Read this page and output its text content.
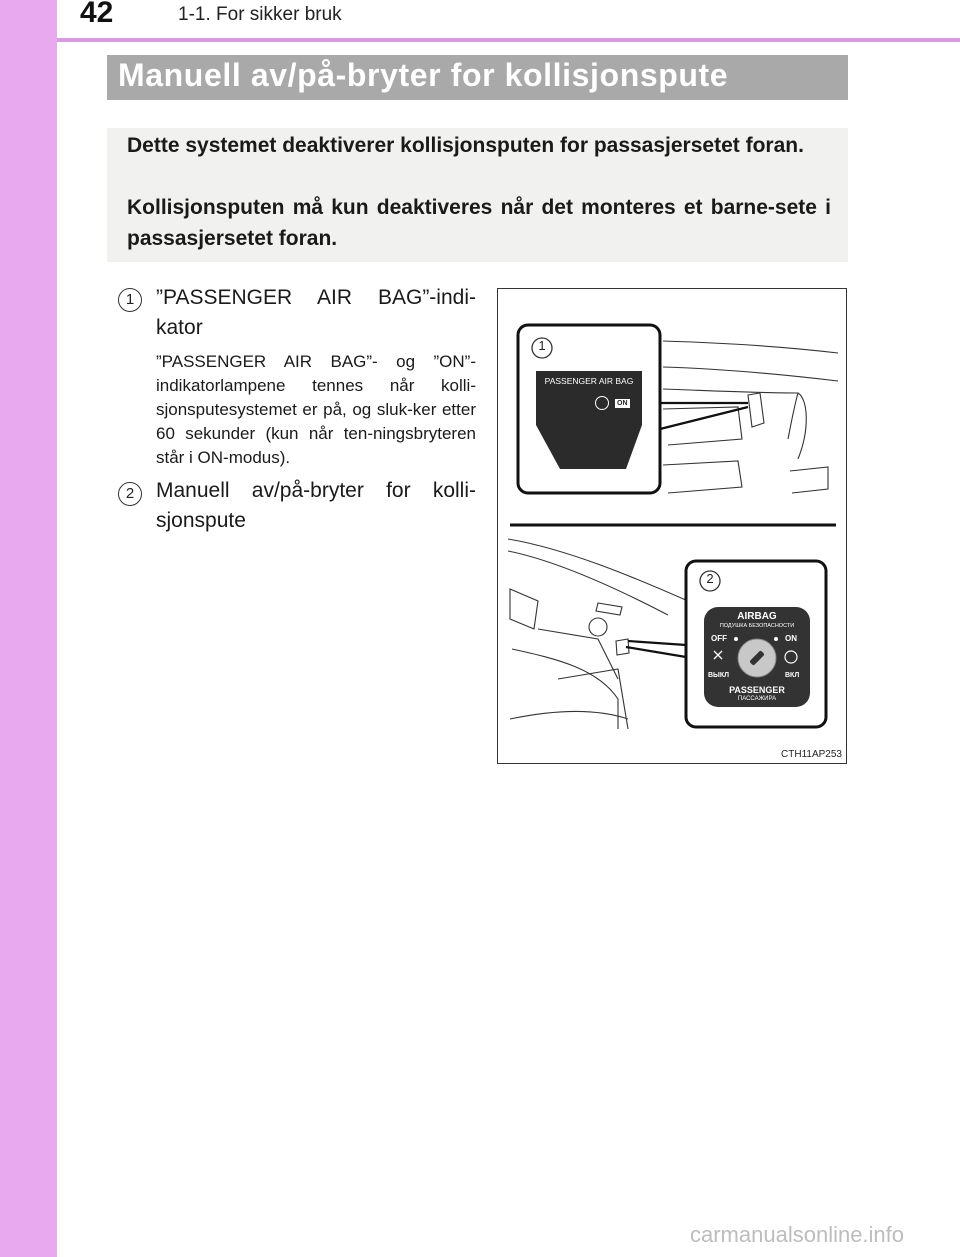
42	1-1. For sikker bruk
Manuell av/på-bryter for kollisjonspute

Dette systemet deaktiverer kollisjonsputen for passasjersetet foran.

Kollisjonsputen må kun deaktiveres når det monteres et barne-sete i passasjersetet foran.

1	”PASSENGER AIR BAG”-indi-kator
”PASSENGER AIR BAG”- og ”ON”-indikatorlampene tennes når kolli-sjonsputesystemet er på, og sluk-ker etter 60 sekunder (kun når ten-ningsbryteren står i ON-modus).
2	Manuell av/på-bryter for kolli-sjonspute
1
PASSENGER AIR BAG
ON
2
AIRBAG
ПОДУШКА БЕЗОПАСНОСТИ
OFF	ON
ВЫКЛ	ВКЛ
PASSENGER
ПАССАЖИРА
CTH11AP253
carmanualsonline.info
